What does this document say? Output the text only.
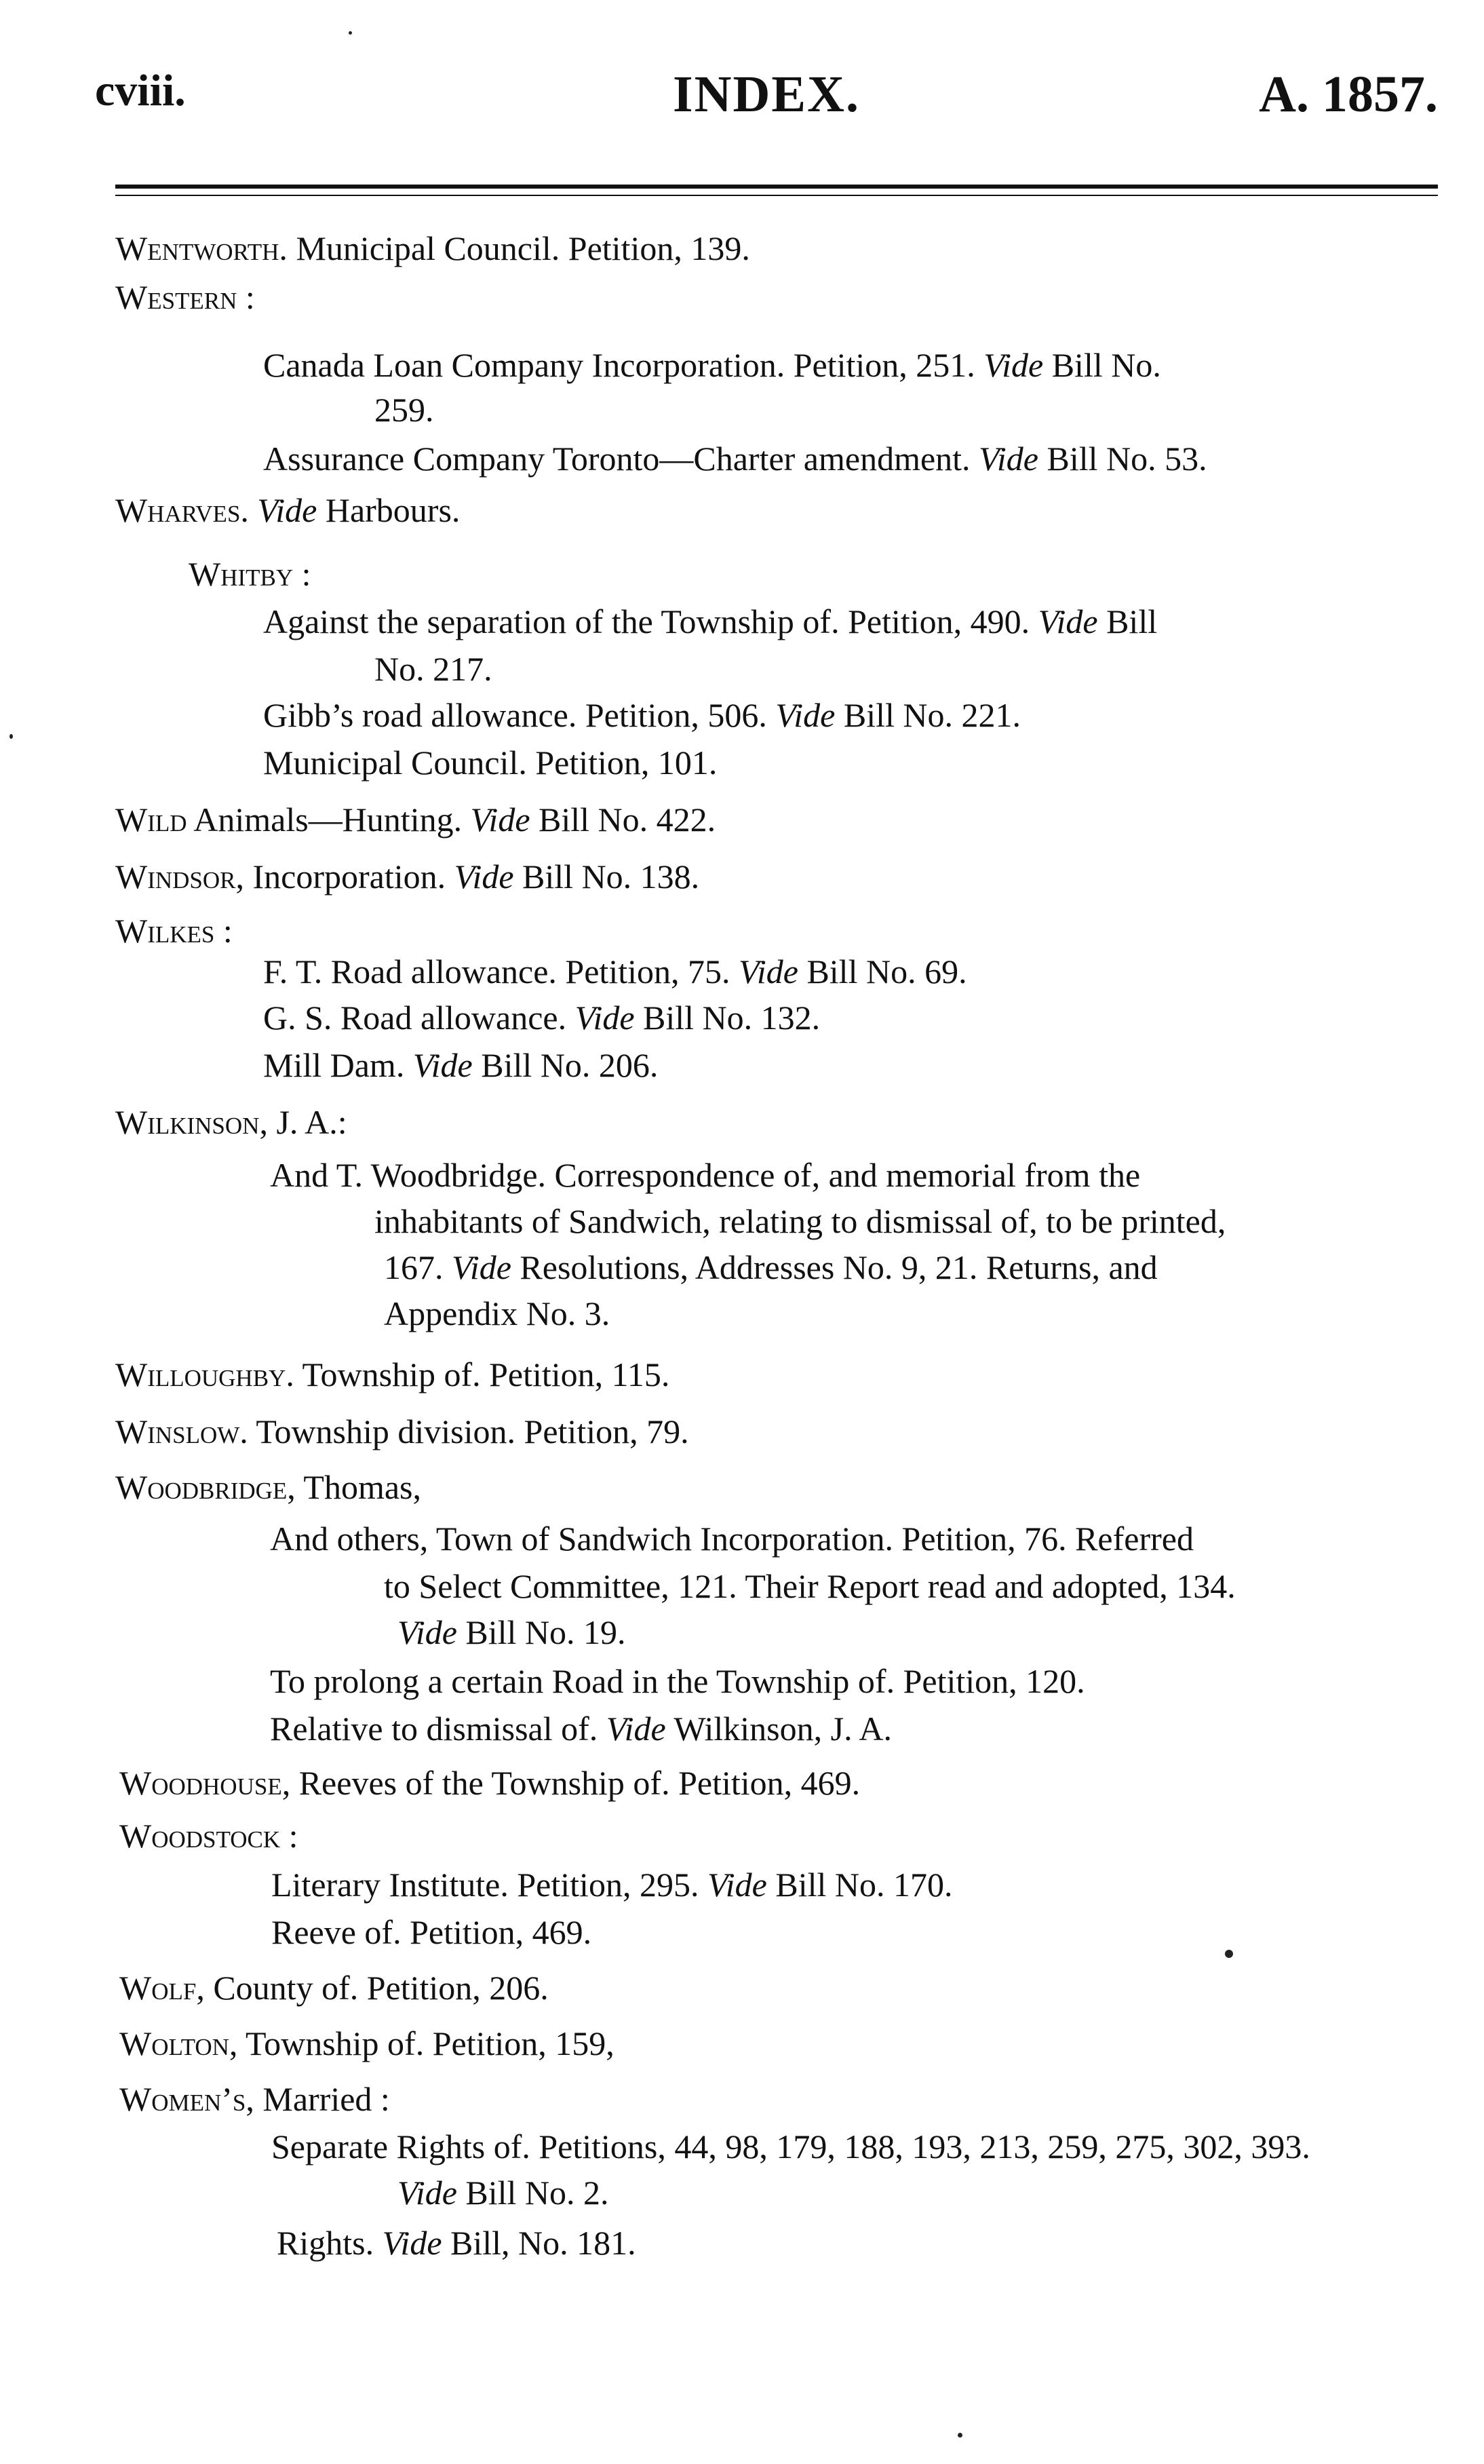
cviii.	INDEX.	A. 1857.
Wentworth. Municipal Council. Petition, 139.
Western :
Canada Loan Company Incorporation. Petition, 251. Vide Bill No.
259.
Assurance Company Toronto—Charter amendment. Vide Bill No. 53.
Wharves. Vide Harbours.
Whitby :
Against the separation of the Township of. Petition, 490. Vide Bill
No. 217.
Gibb’s road allowance. Petition, 506. Vide Bill No. 221.
Municipal Council. Petition, 101.
Wild Animals—Hunting. Vide Bill No. 422.
Windsor, Incorporation. Vide Bill No. 138.
Wilkes :
F. T. Road allowance. Petition, 75. Vide Bill No. 69.
G. S. Road allowance. Vide Bill No. 132.
Mill Dam. Vide Bill No. 206.
Wilkinson, J. A.:
And T. Woodbridge. Correspondence of, and memorial from the
inhabitants of Sandwich, relating to dismissal of, to be printed,
167. Vide Resolutions, Addresses No. 9, 21. Returns, and
Appendix No. 3.
Willoughby. Township of. Petition, 115.
Winslow. Township division. Petition, 79.
Woodbridge, Thomas,
And others, Town of Sandwich Incorporation. Petition, 76. Referred
to Select Committee, 121. Their Report read and adopted, 134.
Vide Bill No. 19.
To prolong a certain Road in the Township of. Petition, 120.
Relative to dismissal of. Vide Wilkinson, J. A.
Woodhouse, Reeves of the Township of. Petition, 469.
Woodstock :
Literary Institute. Petition, 295. Vide Bill No. 170.
Reeve of. Petition, 469.
Wolf, County of. Petition, 206.
Wolton, Township of. Petition, 159,
Women’s, Married :
Separate Rights of. Petitions, 44, 98, 179, 188, 193, 213, 259, 275, 302, 393.
Vide Bill No. 2.
Rights. Vide Bill, No. 181.
